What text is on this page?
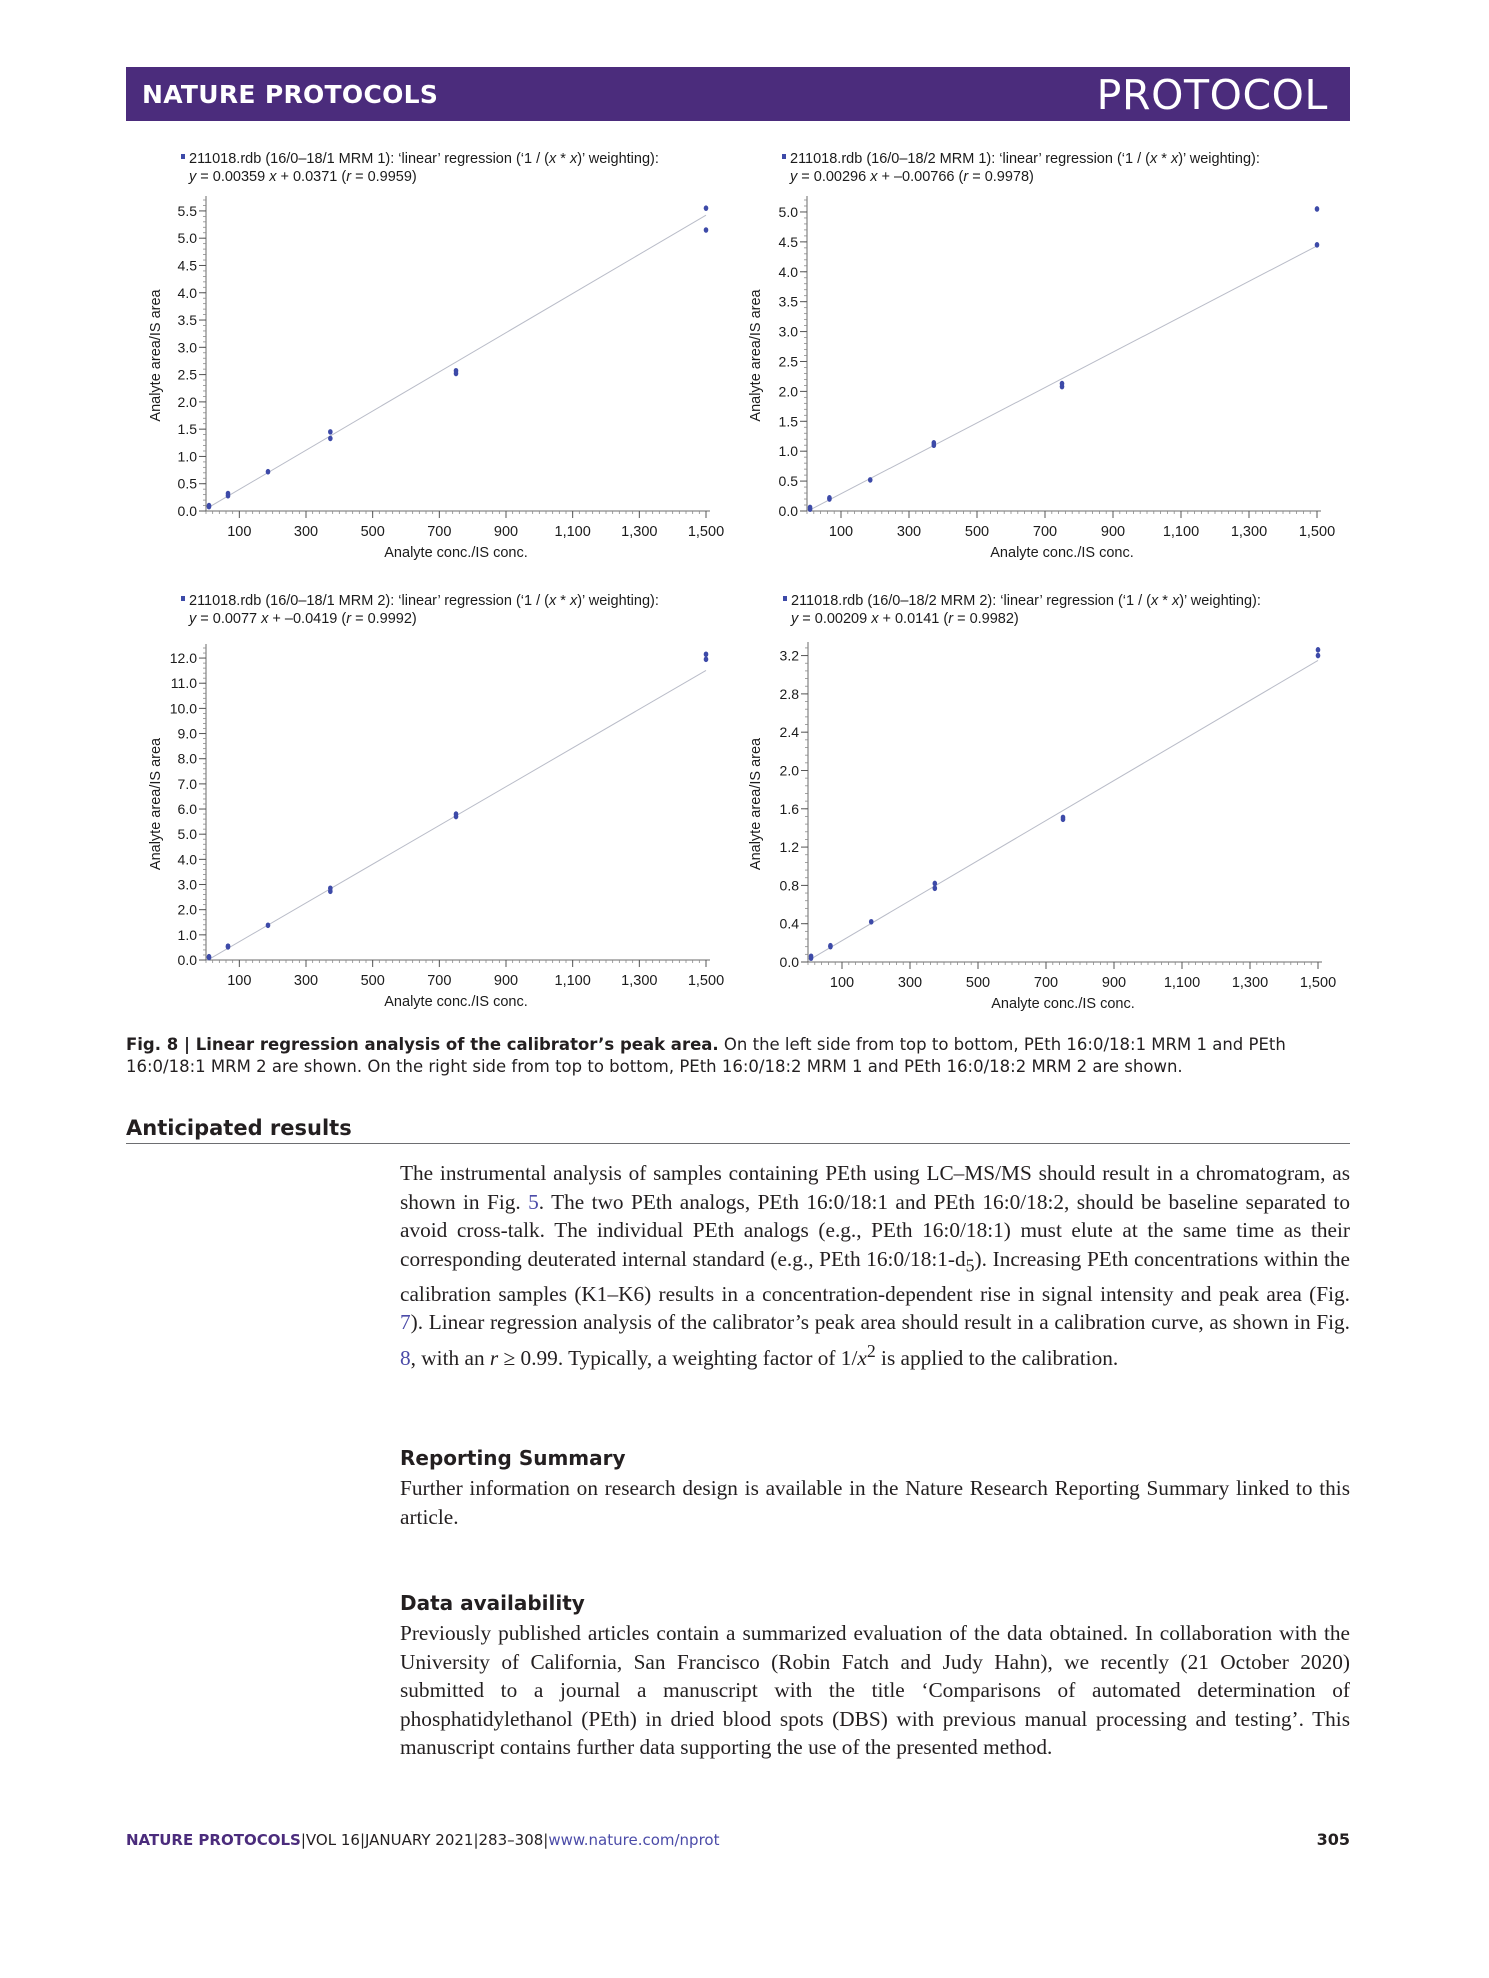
NATURE PROTOCOLS	PROTOCOL
211018.rdb (16/0–18/1 MRM 1): ‘linear’ regression (‘1 / (x * x)’ weighting):
y = 0.00359 x + 0.0371 (r = 0.9959)
0.0
0.5
1.0
1.5
2.0
2.5
3.0
3.5
4.0
4.5
5.0
5.5
100	300	500	700	900	1,100 1,300 1,500
Analyte conc./IS conc.
Analyte area/IS area
211018.rdb (16/0–18/2 MRM 1): ‘linear’ regression (‘1 / (x * x)’ weighting):
y = 0.00296 x + –0.00766 (r = 0.9978)
0.0
0.5
1.0
1.5
2.0
2.5
3.0
3.5
4.0
4.5
5.0
100	300	500	700	900	1,100 1,300 1,500
Analyte conc./IS conc.
Analyte area/IS area
211018.rdb (16/0–18/1 MRM 2): ‘linear’ regression (‘1 / (x * x)’ weighting):
y = 0.0077 x + –0.0419 (r = 0.9992)
0.0
1.0
2.0
3.0
4.0
5.0
6.0
7.0
8.0
9.0
10.0
11.0
12.0
100	300	500	700	900	1,100 1,300 1,500
Analyte conc./IS conc.
Analyte area/IS area
211018.rdb (16/0–18/2 MRM 2): ‘linear’ regression (‘1 / (x * x)’ weighting):
y = 0.00209 x + 0.0141 (r = 0.9982)
0.0
0.4
0.8
1.2
1.6
2.0
2.4
2.8
3.2
100	300	500	700	900	1,100 1,300 1,500
Analyte conc./IS conc.
Analyte area/IS area
Fig. 8 | Linear regression analysis of the calibrator’s peak area. On the left side from top to bottom, PEth 16:0/18:1 MRM 1 and PEth 16:0/18:1 MRM 2 are shown. On the right side from top to bottom, PEth 16:0/18:2 MRM 1 and PEth 16:0/18:2 MRM 2 are shown.
Anticipated results
The instrumental analysis of samples containing PEth using LC–MS/MS should result in a chromatogram, as shown in Fig. 5. The two PEth analogs, PEth 16:0/18:1 and PEth 16:0/18:2, should be baseline separated to avoid cross-talk. The individual PEth analogs (e.g., PEth 16:0/18:1) must elute at the same time as their corresponding deuterated internal standard (e.g., PEth $16:0/18:1-d_5$). Increasing PEth concentrations within the calibration samples (K1–K6) results in a concentration-dependent rise in signal intensity and peak area (Fig. 7). Linear regression analysis of the calibrator’s peak area should result in a calibration curve, as shown in Fig. 8, with an r ≥ 0.99. Typically, a weighting factor of $1/x^2$ is applied to the calibration.
Reporting Summary
Further information on research design is available in the Nature Research Reporting Summary linked to this article.
Data availability
Previously published articles contain a summarized evaluation of the data obtained. In collaboration with the University of California, San Francisco (Robin Fatch and Judy Hahn), we recently (21 October 2020) submitted to a journal a manuscript with the title ‘Comparisons of automated determination of phosphatidylethanol (PEth) in dried blood spots (DBS) with previous manual processing and testing’. This manuscript contains further data supporting the use of the presented method.
NATURE PROTOCOLS|VOL 16|JANUARY 2021|283–308|www.nature.com/nprot	305
